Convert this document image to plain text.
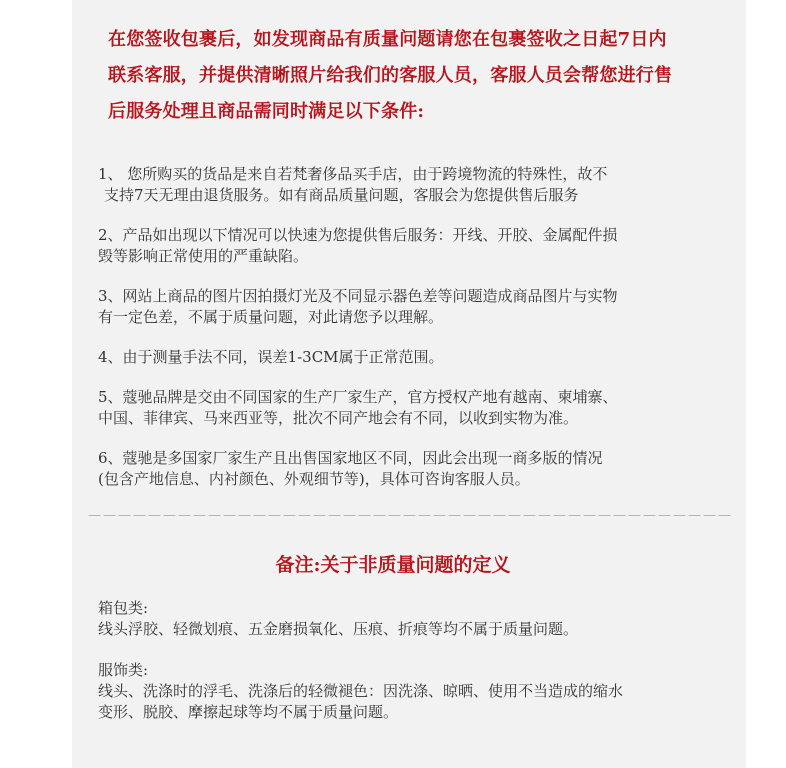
在您签收包裹后，如发现商品有质量问题请您在包裹签收之日起7日内
联系客服，并提供清晰照片给我们的客服人员，客服人员会帮您进行售
后服务处理且商品需同时满足以下条件:
1、 您所购买的货品是来自若梵奢侈品买手店，由于跨境物流的特殊性，故不
支持7天无理由退货服务。如有商品质量问题，客服会为您提供售后服务
2、产品如出现以下情况可以快速为您提供售后服务：开线、开胶、金属配件损
毁等影响正常使用的严重缺陷。
3、网站上商品的图片因拍摄灯光及不同显示器色差等问题造成商品图片与实物
有一定色差，不属于质量问题，对此请您予以理解。
4、由于测量手法不同，误差1-3CM属于正常范围。
5、蔻驰品牌是交由不同国家的生产厂家生产，官方授权产地有越南、柬埔寨、
中国、菲律宾、马来西亚等，批次不同产地会有不同，以收到实物为准。
6、蔻驰是多国家厂家生产且出售国家地区不同，因此会出现一商多版的情况
(包含产地信息、内衬颜色、外观细节等)，具体可咨询客服人员。
———————————————————————————————————————————
备注:关于非质量问题的定义
箱包类:
线头浮胶、轻微划痕、五金磨损氧化、压痕、折痕等均不属于质量问题。
服饰类:
线头、洗涤时的浮毛、洗涤后的轻微褪色：因洗涤、晾晒、使用不当造成的缩水
变形、脱胶、摩擦起球等均不属于质量问题。
